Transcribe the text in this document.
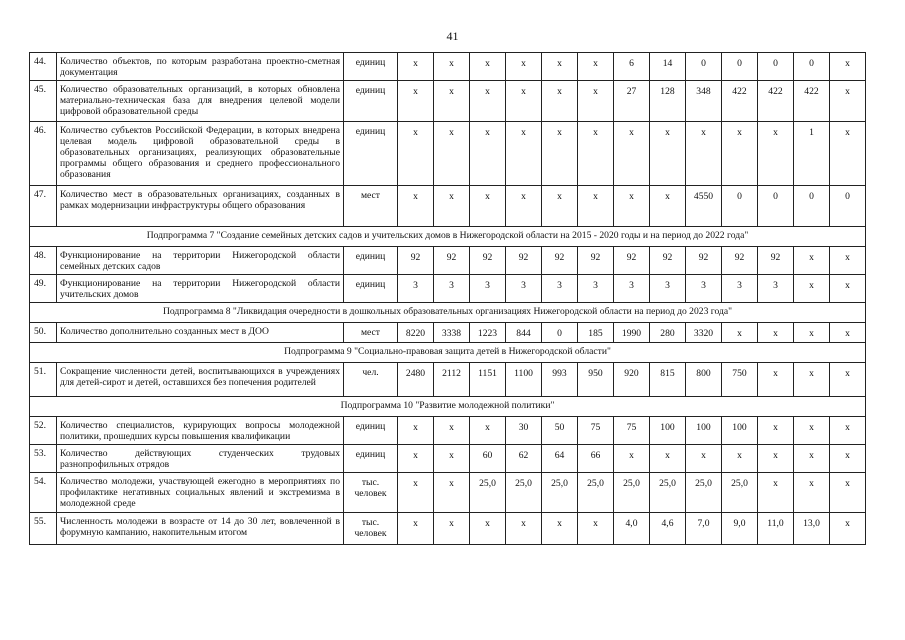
41
44.	Количество объектов, по которым разработана проектно-сметная документация	единиц	х	х	х	х	х	х	6	14	0	0	0	0	х
45.	Количество образовательных организаций, в которых обновлена материально-техническая база для внедрения целевой модели цифровой образовательной среды	единиц	х	х	х	х	х	х	27	128	348	422	422	422	х
46.	Количество субъектов Российской Федерации, в которых внедрена целевая модель цифровой образовательной среды в образовательных организациях, реализующих образовательные программы общего образования и среднего профессионального образования	единиц	х	х	х	х	х	х	х	х	х	х	х	1	х
47.	Количество мест в образовательных организациях, созданных в рамках модернизации инфраструктуры общего образования	мест	х	х	х	х	х	х	х	х	4550	0	0	0	0
Подпрограмма 7 "Создание семейных детских садов и учительских домов в Нижегородской области на 2015 - 2020 годы и на период до 2022 года"															
48.	Функционирование на территории Нижегородской области семейных детских садов	единиц	92	92	92	92	92	92	92	92	92	92	92	х	х
49.	Функционирование на территории Нижегородской области учительских домов	единиц	3	3	3	3	3	3	3	3	3	3	3	х	х
Подпрограмма 8 "Ликвидация очередности в дошкольных образовательных организациях Нижегородской области на период до 2023 года"															
50.	Количество дополнительно созданных мест в ДОО	мест	8220	3338	1223	844	0	185	1990	280	3320	х	х	х	х
Подпрограмма 9 "Социально-правовая защита детей в Нижегородской области"															
51.	Сокращение численности детей, воспитывающихся в учреждениях для детей-сирот и детей, оставшихся без попечения родителей	чел.	2480	2112	1151	1100	993	950	920	815	800	750	х	х	х
Подпрограмма 10 "Развитие молодежной политики"															
52.	Количество специалистов, курирующих вопросы молодежной политики, прошедших курсы повышения квалификации	единиц	х	х	х	30	50	75	75	100	100	100	х	х	х
53.	Количество действующих студенческих трудовых разнопрофильных отрядов	единиц	х	х	60	62	64	66	х	х	х	х	х	х	х
54.	Количество молодежи, участвующей ежегодно в мероприятиях по профилактике негативных социальных явлений и экстремизма в молодежной среде	тыс. человек	х	х	25,0	25,0	25,0	25,0	25,0	25,0	25,0	25,0	х	х	х
55.	Численность молодежи в возрасте от 14 до 30 лет, вовлеченной в форумную кампанию, накопительным итогом	тыс. человек	х	х	х	х	х	х	4,0	4,6	7,0	9,0	11,0	13,0	х
